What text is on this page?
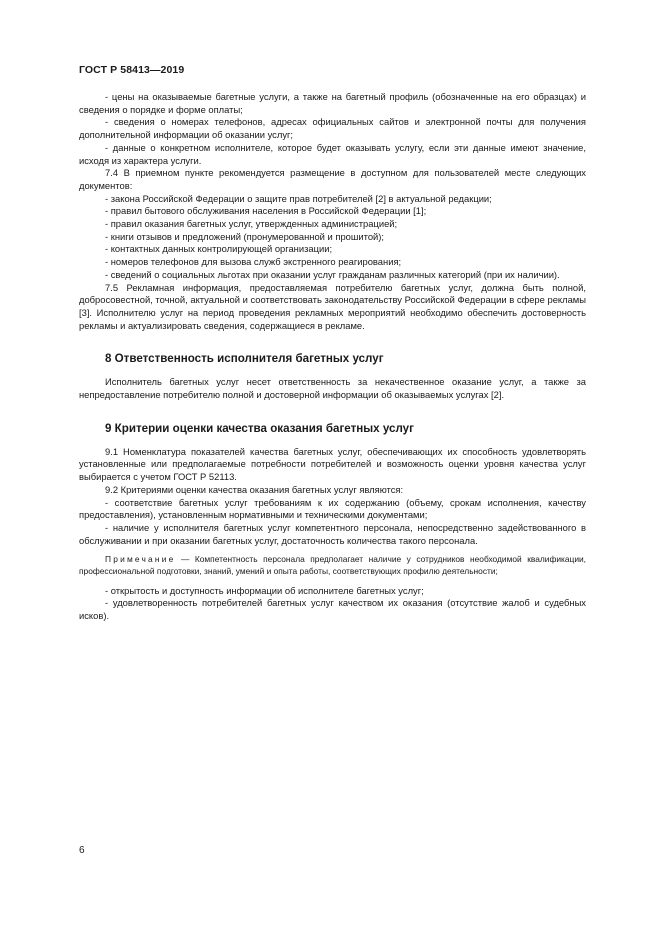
ГОСТ Р 58413—2019

- цены на оказываемые багетные услуги, а также на багетный профиль (обозначенные на его образцах) и сведения о порядке и форме оплаты;

- сведения о номерах телефонов, адресах официальных сайтов и электронной почты для получения дополнительной информации об оказании услуг;

- данные о конкретном исполнителе, которое будет оказывать услугу, если эти данные имеют значение, исходя из характера услуги.

7.4 В приемном пункте рекомендуется размещение в доступном для пользователей месте следующих документов:

- закона Российской Федерации о защите прав потребителей [2] в актуальной редакции;

- правил бытового обслуживания населения в Российской Федерации [1];

- правил оказания багетных услуг, утвержденных администрацией;

- книги отзывов и предложений (пронумерованной и прошитой);

- контактных данных контролирующей организации;

- номеров телефонов для вызова служб экстренного реагирования;

- сведений о социальных льготах при оказании услуг гражданам различных категорий (при их наличии).

7.5 Рекламная информация, предоставляемая потребителю багетных услуг, должна быть полной, добросовестной, точной, актуальной и соответствовать законодательству Российской Федерации в сфере рекламы [3]. Исполнителю услуг на период проведения рекламных мероприятий необходимо обеспечить достоверность рекламы и актуализировать сведения, содержащиеся в рекламе.

8 Ответственность исполнителя багетных услуг

Исполнитель багетных услуг несет ответственность за некачественное оказание услуг, а также за непредоставление потребителю полной и достоверной информации об оказываемых услугах [2].

9 Критерии оценки качества оказания багетных услуг

9.1 Номенклатура показателей качества багетных услуг, обеспечивающих их способность удовлетворять установленные или предполагаемые потребности потребителей и возможность оценки уровня качества услуг выбирается с учетом ГОСТ Р 52113.

9.2 Критериями оценки качества оказания багетных услуг являются:

- соответствие багетных услуг требованиям к их содержанию (объему, срокам исполнения, качеству предоставления), установленным нормативными и техническими документами;

- наличие у исполнителя багетных услуг компетентного персонала, непосредственно задействованного в обслуживании и при оказании багетных услуг, достаточность количества такого персонала.

Примечание — Компетентность персонала предполагает наличие у сотрудников необходимой квалификации, профессиональной подготовки, знаний, умений и опыта работы, соответствующих профилю деятельности;

- открытость и доступность информации об исполнителе багетных услуг;

- удовлетворенность потребителей багетных услуг качеством их оказания (отсутствие жалоб и судебных исков).

6
